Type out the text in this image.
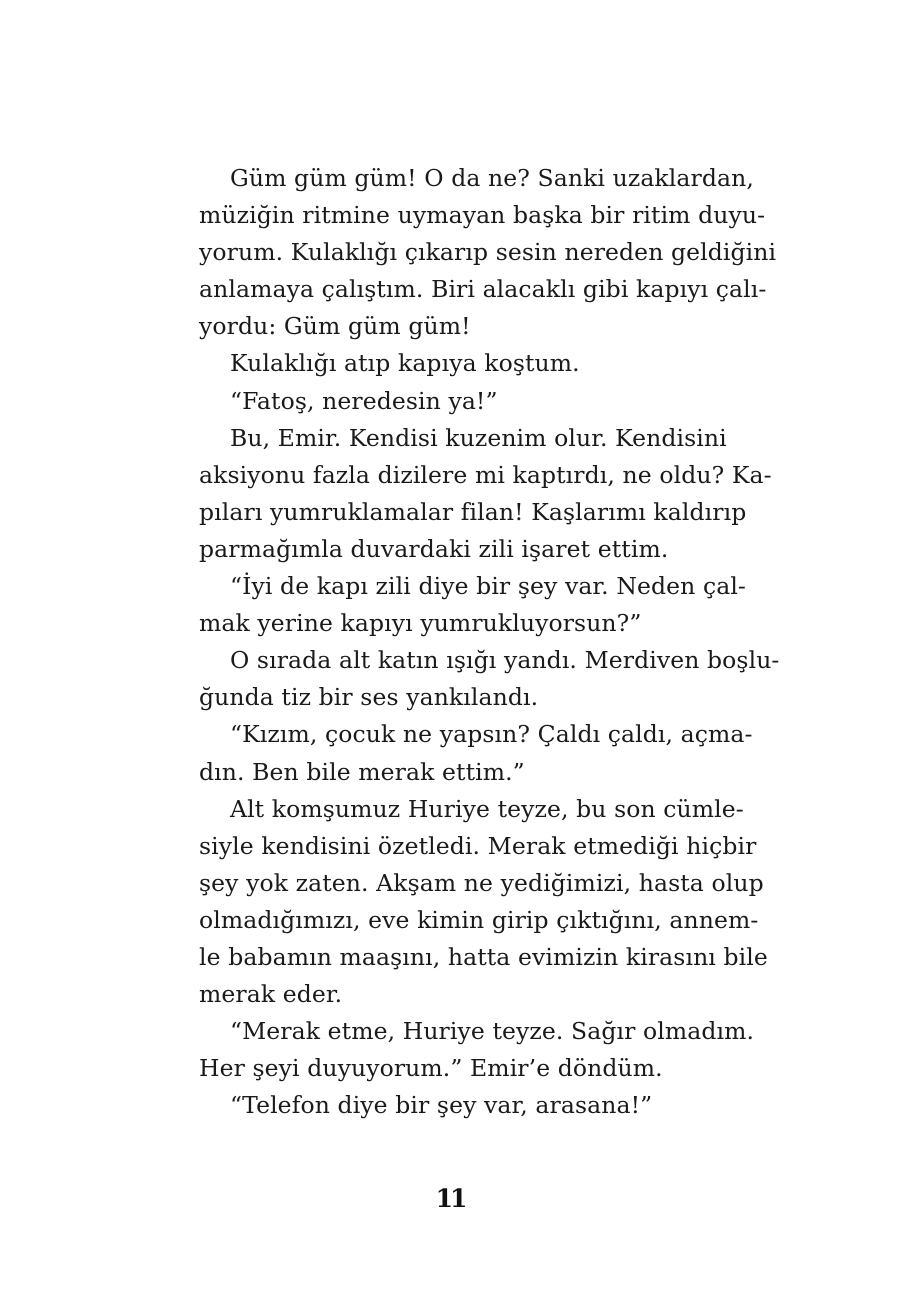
Güm güm güm! O da ne? Sanki uzaklardan,
müziğin ritmine uymayan başka bir ritim duyu-
yorum. Kulaklığı çıkarıp sesin nereden geldiğini
anlamaya çalıştım. Biri alacaklı gibi kapıyı çalı-
yordu: Güm güm güm!
Kulaklığı atıp kapıya koştum.
“Fatoş, neredesin ya!”
Bu, Emir. Kendisi kuzenim olur. Kendisini
aksiyonu fazla dizilere mi kaptırdı, ne oldu? Ka-
pıları yumruklamalar filan! Kaşlarımı kaldırıp
parmağımla duvardaki zili işaret ettim.
“İyi de kapı zili diye bir şey var. Neden çal-
mak yerine kapıyı yumrukluyorsun?”
O sırada alt katın ışığı yandı. Merdiven boşlu-
ğunda tiz bir ses yankılandı.
“Kızım, çocuk ne yapsın? Çaldı çaldı, açma-
dın. Ben bile merak ettim.”
Alt komşumuz Huriye teyze, bu son cümle-
siyle kendisini özetledi. Merak etmediği hiçbir
şey yok zaten. Akşam ne yediğimizi, hasta olup
olmadığımızı, eve kimin girip çıktığını, annem-
le babamın maaşını, hatta evimizin kirasını bile
merak eder.
“Merak etme, Huriye teyze. Sağır olmadım.
Her şeyi duyuyorum.” Emir’e döndüm.
“Telefon diye bir şey var, arasana!”
11
